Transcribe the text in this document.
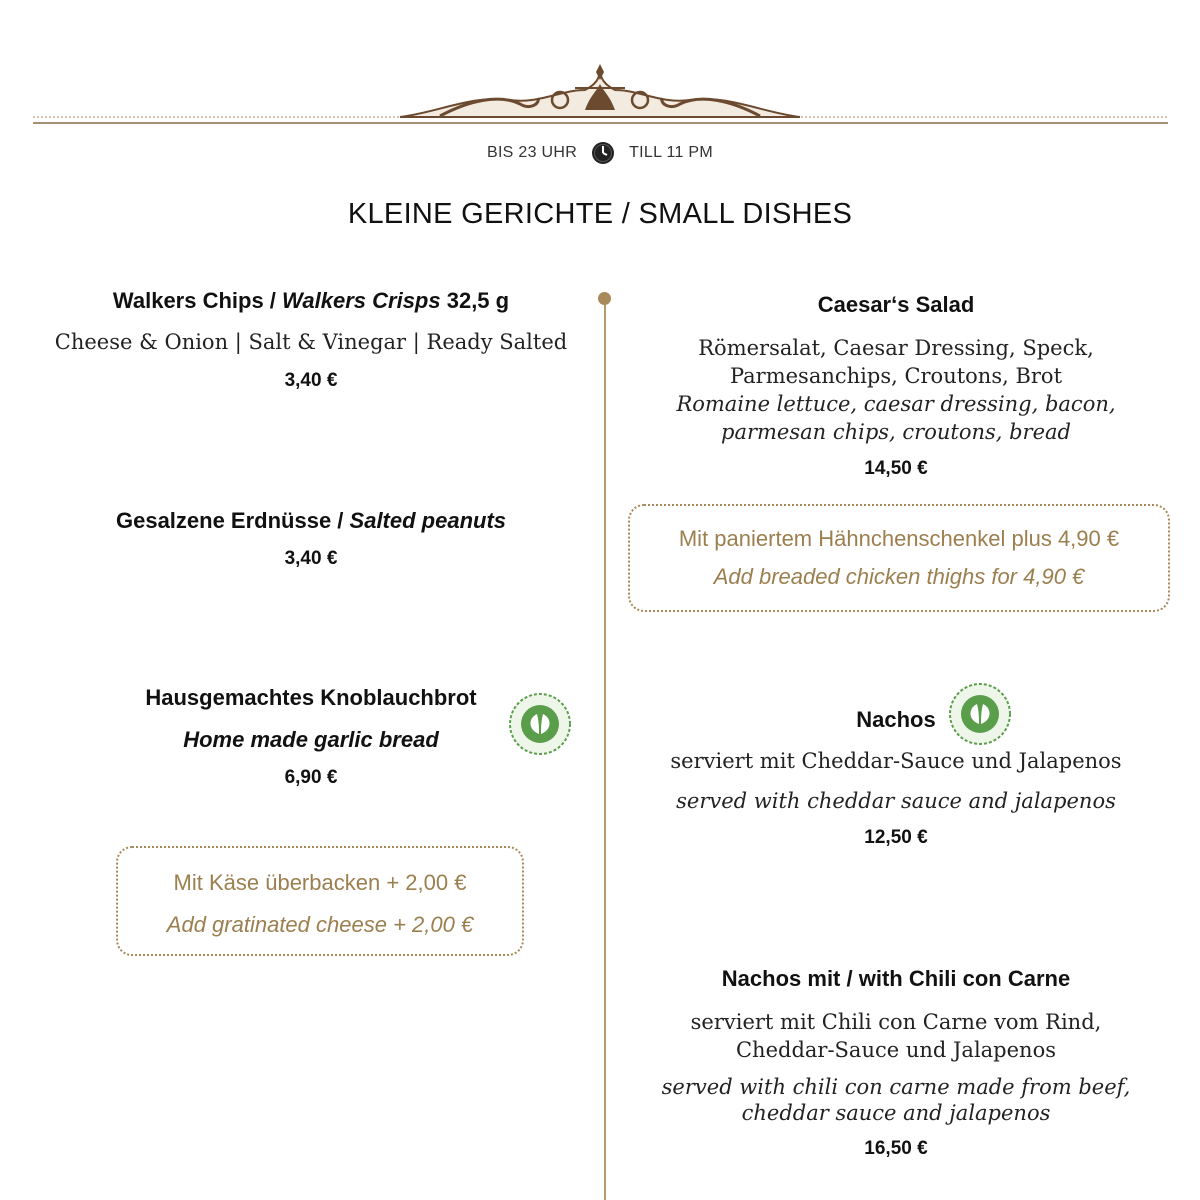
BIS 23 UHR	TILL 11 PM
KLEINE GERICHTE / SMALL DISHES
Walkers Chips / Walkers Crisps 32,5 g
Cheese & Onion | Salt & Vinegar | Ready Salted
3,40 €
Gesalzene Erdnüsse / Salted peanuts
3,40 €
Hausgemachtes Knoblauchbrot
Home made garlic bread
6,90 €
Mit Käse überbacken + 2,00 €
Add gratinated cheese + 2,00 €
Caesar‘s Salad
Römersalat, Caesar Dressing, Speck,
Parmesanchips, Croutons, Brot
Romaine lettuce, caesar dressing, bacon,
parmesan chips, croutons, bread
14,50 €
Mit paniertem Hähnchenschenkel plus 4,90 €
Add breaded chicken thighs for 4,90 €
Nachos
serviert mit Cheddar-Sauce und Jalapenos
served with cheddar sauce and jalapenos
12,50 €
Nachos mit / with Chili con Carne
serviert mit Chili con Carne vom Rind,
Cheddar-Sauce und Jalapenos
served with chili con carne made from beef,
cheddar sauce and jalapenos
16,50 €
